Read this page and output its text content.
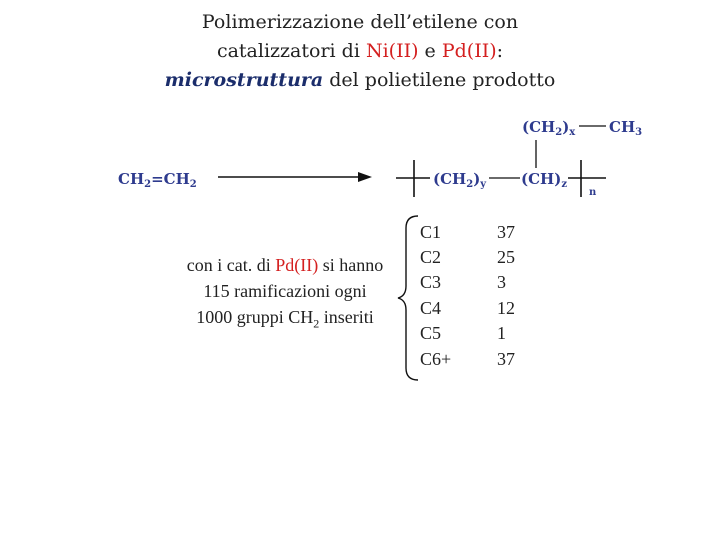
Polimerizzazione dell’etilene con
catalizzatori di Ni(II) e Pd(II):
microstruttura del polietilene prodotto
$CH_2=CH_2$	$(CH_2)_y$ $(CH)_z$
$(CH_2)_x$ $CH_3$
n
con i cat. di Pd(II) si hanno
115 ramificazioni ogni
1000 gruppi $CH_2$ inseriti
C1	37
C2	25
C3	3
C4	12
C5	1
C6+	37
